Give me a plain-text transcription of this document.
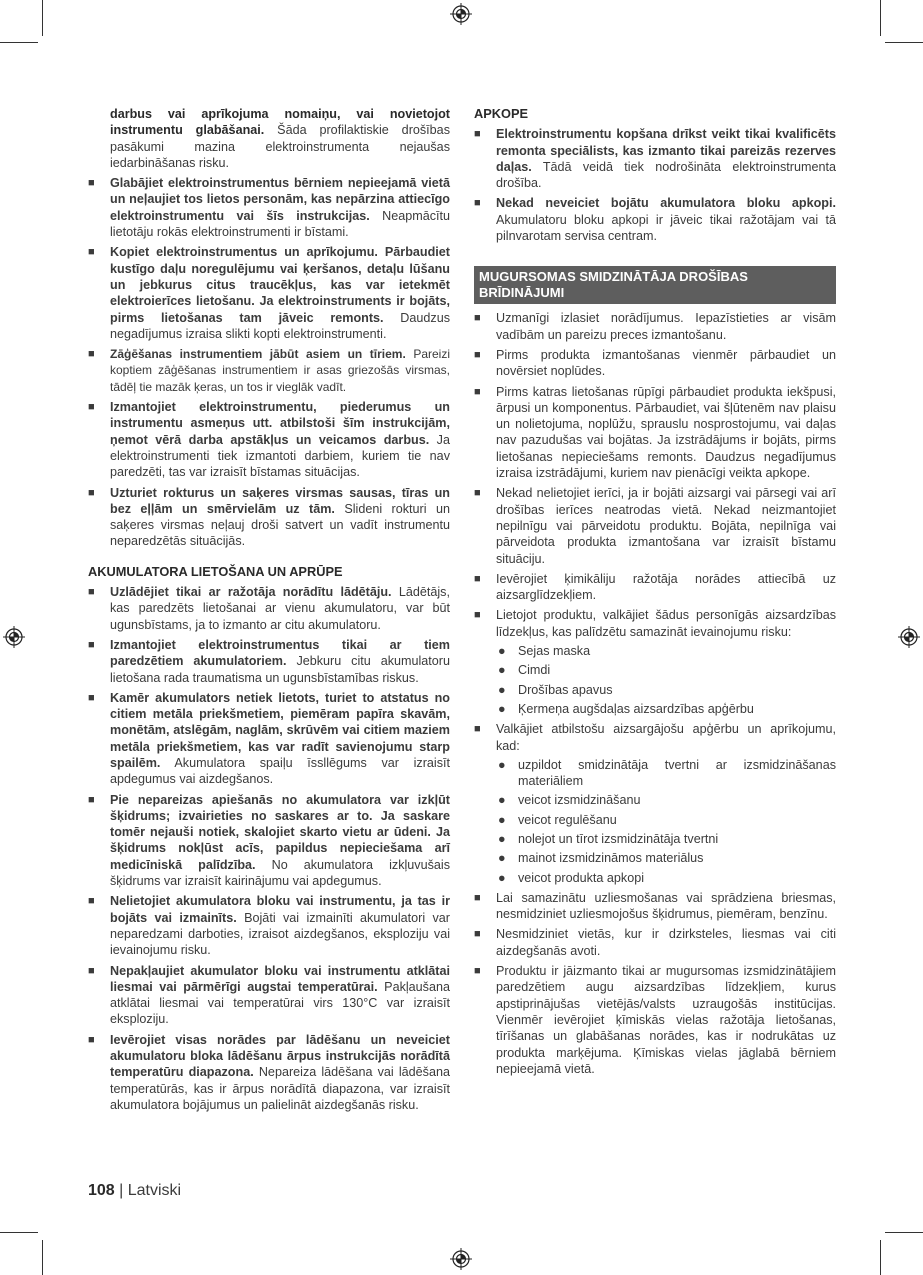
darbus vai aprīkojuma nomaiņu, vai novietojot instrumentu glabāšanai. Šāda profilaktiskie drošības pasākumi mazina elektroinstrumenta nejaušas iedarbināšanas risku.
■ Glabājiet elektroinstrumentus bērniem nepieejamā vietā un neļaujiet tos lietos personām, kas nepārzina attiecīgo elektroinstrumentu vai šīs instrukcijas. Neapmācītu lietotāju rokās elektroinstrumenti ir bīstami.
■ Kopiet elektroinstrumentus un aprīkojumu. Pārbaudiet kustīgo daļu noregulējumu vai ķeršanos, detaļu lūšanu un jebkurus citus traucēkļus, kas var ietekmēt elektroierīces lietošanu. Ja elektroinstruments ir bojāts, pirms lietošanas tam jāveic remonts. Daudzus negadījumus izraisa slikti kopti elektroinstrumenti.
■ Zāģēšanas instrumentiem jābūt asiem un tīriem. Pareizi koptiem zāģēšanas instrumentiem ir asas griezošās virsmas, tādēļ tie mazāk ķeras, un tos ir vieglāk vadīt.
■ Izmantojiet elektroinstrumentu, piederumus un instrumentu asmeņus utt. atbilstoši šīm instrukcijām, ņemot vērā darba apstākļus un veicamos darbus. Ja elektroinstrumenti tiek izmantoti darbiem, kuriem tie nav paredzēti, tas var izraisīt bīstamas situācijas.
■ Uzturiet rokturus un saķeres virsmas sausas, tīras un bez eļļām un smērvielām uz tām. Slideni rokturi un saķeres virsmas neļauj droši satvert un vadīt instrumentu neparedzētās situācijās.
AKUMULATORA LIETOŠANA UN APRŪPE
■ Uzlādējiet tikai ar ražotāja norādītu lādētāju. Lādētājs, kas paredzēts lietošanai ar vienu akumulatoru, var būt ugunsbīstams, ja to izmanto ar citu akumulatoru.
■ Izmantojiet elektroinstrumentus tikai ar tiem paredzētiem akumulatoriem. Jebkuru citu akumulatoru lietošana rada traumatisma un ugunsbīstamības riskus.
■ Kamēr akumulators netiek lietots, turiet to atstatus no citiem metāla priekšmetiem, piemēram papīra skavām, monētām, atslēgām, naglām, skrūvēm vai citiem maziem metāla priekšmetiem, kas var radīt savienojumu starp spailēm. Akumulatora spaiļu īssllēgums var izraisīt apdegumus vai aizdegšanos.
■ Pie nepareizas apiešanās no akumulatora var izkļūt šķidrums; izvairieties no saskares ar to. Ja saskare tomēr nejauši notiek, skalojiet skarto vietu ar ūdeni. Ja šķidrums nokļūst acīs, papildus nepieciešama arī medicīniskā palīdzība. No akumulatora izkļuvušais šķidrums var izraisīt kairinājumu vai apdegumus.
■ Nelietojiet akumulatora bloku vai instrumentu, ja tas ir bojāts vai izmainīts. Bojāti vai izmainīti akumulatori var neparedzami darboties, izraisot aizdegšanos, eksploziju vai ievainojumu risku.
■ Nepakļaujiet akumulator bloku vai instrumentu atklātai liesmai vai pārmērīgi augstai temperatūrai. Pakļaušana atklātai liesmai vai temperatūrai virs 130°C var izraisīt eksploziju.
■ Ievērojiet visas norādes par lādēšanu un neveiciet akumulatoru bloka lādēšanu ārpus instrukcijās norādītā temperatūru diapazona. Nepareiza lādēšana vai lādēšana temperatūrās, kas ir ārpus norādītā diapazona, var izraisīt akumulatora bojājumus un palielināt aizdegšanās risku.
APKOPE
■ Elektroinstrumentu kopšana drīkst veikt tikai kvalificēts remonta speciālists, kas izmanto tikai pareizās rezerves daļas. Tādā veidā tiek nodrošināta elektroinstrumenta drošība.
■ Nekad neveiciet bojātu akumulatora bloku apkopi. Akumulatoru bloku apkopi ir jāveic tikai ražotājam vai tā pilnvarotam servisa centram.
MUGURSOMAS SMIDZINĀTĀJA DROŠĪBAS
BRĪDINĀJUMI
■ Uzmanīgi izlasiet norādījumus. Iepazīstieties ar visām vadībām un pareizu preces izmantošanu.
■ Pirms produkta izmantošanas vienmēr pārbaudiet un novērsiet noplūdes.
■ Pirms katras lietošanas rūpīgi pārbaudiet produkta iekšpusi, ārpusi un komponentus. Pārbaudiet, vai šļūtenēm nav plaisu un nolietojuma, noplūžu, sprauslu nosprostojumu, vai daļas nav pazudušas vai bojātas. Ja izstrādājums ir bojāts, pirms lietošanas nepieciešams remonts. Daudzus negadījumus izraisa izstrādājumi, kuriem nav pienācīgi veikta apkope.
■ Nekad nelietojiet ierīci, ja ir bojāti aizsargi vai pārsegi vai arī drošības ierīces neatrodas vietā. Nekad neizmantojiet nepilnīgu vai pārveidotu produktu. Bojāta, nepilnīga vai pārveidota produkta izmantošana var izraisīt bīstamu situāciju.
■ Ievērojiet ķimikāliju ražotāja norādes attiecībā uz aizsarglīdzekļiem.
■ Lietojot produktu, valkājiet šādus personīgās aizsardzības līdzekļus, kas palīdzētu samazināt ievainojumu risku:
● Sejas maska
● Cimdi
● Drošības apavus
● Ķermeņa augšdaļas aizsardzības apģērbu
■ Valkājiet atbilstošu aizsargājošu apģērbu un aprīkojumu, kad:
● uzpildot smidzinātāja tvertni ar izsmidzināšanas materiāliem
● veicot izsmidzināšanu
● veicot regulēšanu
● nolejot un tīrot izsmidzinātāja tvertni
● mainot izsmidzināmos materiālus
● veicot produkta apkopi
■ Lai samazinātu uzliesmošanas vai sprādziena briesmas, nesmidziniet uzliesmojošus šķidrumus, piemēram, benzīnu.
■ Nesmidziniet vietās, kur ir dzirksteles, liesmas vai citi aizdegšanās avoti.
■ Produktu ir jāizmanto tikai ar mugursomas izsmidzinātājiem paredzētiem augu aizsardzības līdzekļiem, kurus apstiprinājušas vietējās/valsts uzraugošās institūcijas. Vienmēr ievērojiet ķīmiskās vielas ražotāja lietošanas, tīrīšanas un glabāšanas norādes, kas ir nodrukātas uz produkta marķējuma. Ķīmiskas vielas jāglabā bērniem nepieejamā vietā.
108 | Latviski
